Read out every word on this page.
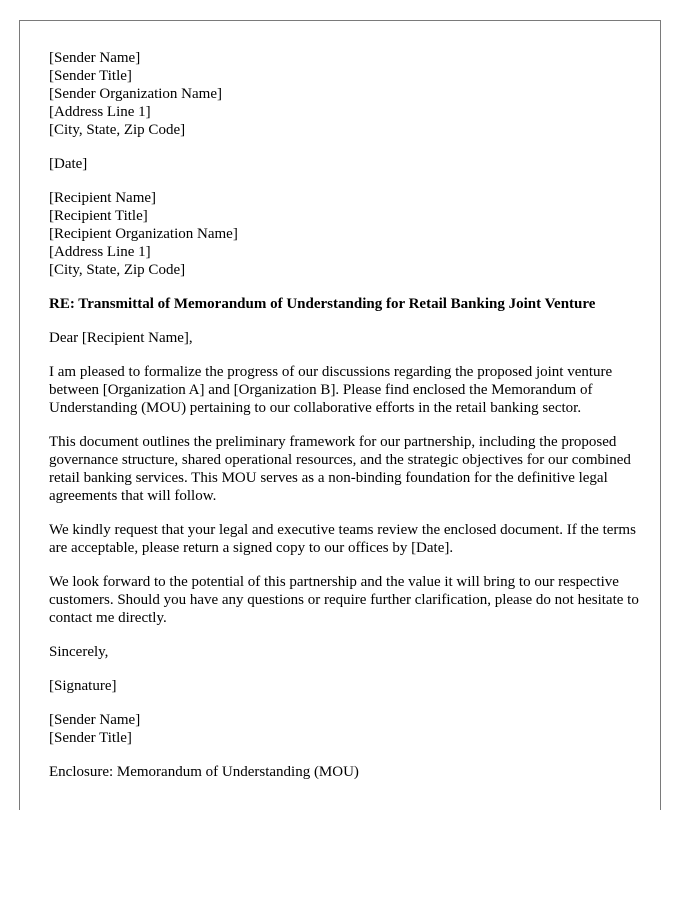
[Sender Name]
[Sender Title]
[Sender Organization Name]
[Address Line 1]
[City, State, Zip Code]
[Date]
[Recipient Name]
[Recipient Title]
[Recipient Organization Name]
[Address Line 1]
[City, State, Zip Code]

RE: Transmittal of Memorandum of Understanding for Retail Banking Joint Venture

Dear [Recipient Name],

I am pleased to formalize the progress of our discussions regarding the proposed joint venture between [Organization A] and [Organization B]. Please find enclosed the Memorandum of Understanding (MOU) pertaining to our collaborative efforts in the retail banking sector.

This document outlines the preliminary framework for our partnership, including the proposed governance structure, shared operational resources, and the strategic objectives for our combined retail banking services. This MOU serves as a non-binding foundation for the definitive legal agreements that will follow.

We kindly request that your legal and executive teams review the enclosed document. If the terms are acceptable, please return a signed copy to our offices by [Date].

We look forward to the potential of this partnership and the value it will bring to our respective customers. Should you have any questions or require further clarification, please do not hesitate to contact me directly.

Sincerely,

[Signature]

[Sender Name]
[Sender Title]

Enclosure: Memorandum of Understanding (MOU)
